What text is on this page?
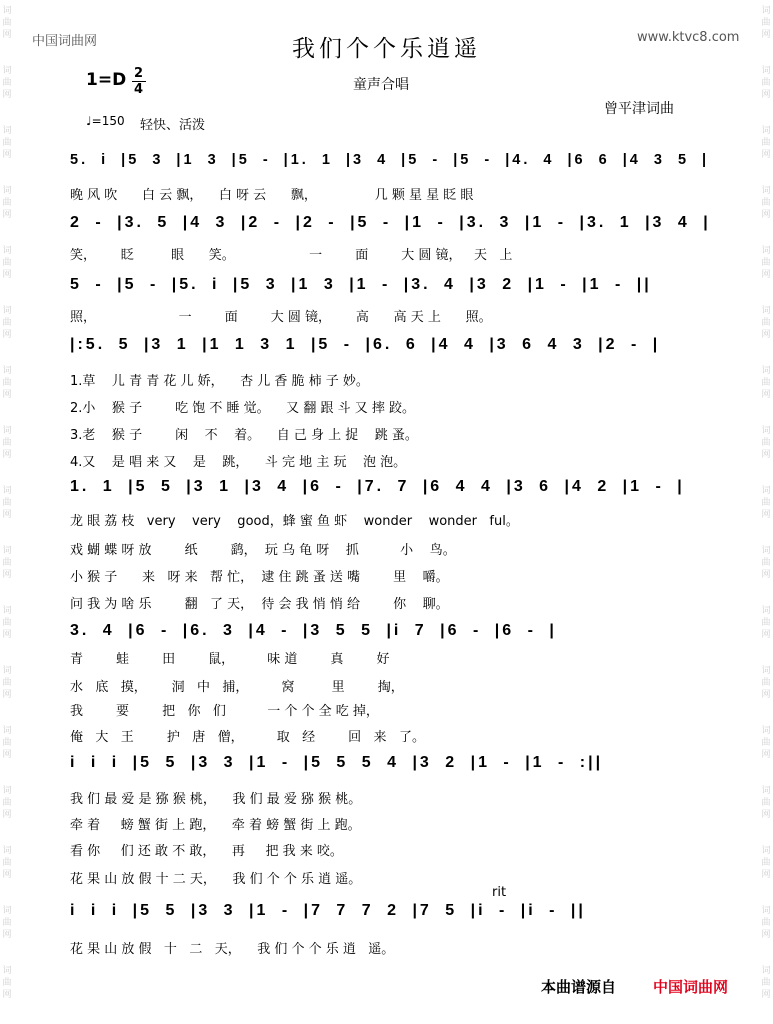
词
曲
网
词
曲
网
词
曲
网
词
曲
网
词
曲
网
词
曲
网
词
曲
网
词
曲
网
词
曲
网
词
曲
网
词
曲
网
词
曲
网
词
曲
网
词
曲
网
词
曲
网
词
曲
网
词
曲
网
词
曲
网
词
曲
网
词
曲
网
词
曲
网
词
曲
网
词
曲
网
词
曲
网
词
曲
网
词
曲
网
词
曲
网
词
曲
网
词
曲
网
词
曲
网
词
曲
网
词
曲
网
词
曲
网
词
曲
网
中国词曲网	www.ktvc8.com
我们个个乐逍遥
1=D 2
4	童声合唱
曾平津词曲
♩=150 轻快、活泼
5. i |5 3 |1 3 |5 - |1. 1 |3 4 |5 - |5 - |4. 4 |6 6 |4 3 5 |
晚 风 吹      白 云 飘，    白 呀 云      飘，              几 颗 星 星 眨 眼
2 - |3. 5 |4 3 |2 - |2 - |5 - |1 - |3. 3 |1 - |3. 1 |3 4 |
笑，      眨         眼      笑。                  一        面        大 圆 镜，   天   上
5 - |5 - |5. i |5 3 |1 3 |1 - |3. 4 |3 2 |1 - |1 - ||
照，                    一        面        大 圆 镜，      高      高 天 上      照。
|:5. 5 |3 1 |1 1 3 1 |5 - |6. 6 |4 4 |3 6 4 3 |2 - |
1.草    儿 青 青 花 儿 娇，    杏 儿 香 脆 柿 子 妙。
2.小    猴 子        吃 饱 不 睡 觉。    又 翻 跟 斗 又 摔 跤。
3.老    猴 子        闲    不    着。    自 己 身 上 捉    跳 蚤。
4.又    是 唱 来 又    是    跳，    斗 完 地 主 玩    泡 泡。
1. 1 |5 5 |3 1 |3 4 |6 - |7. 7 |6 4 4 |3 6 |4 2 |1 - |
龙 眼 荔 枝   very    very    good，蜂 蜜 鱼 虾    wonder    wonder   ful。
戏 蝴 蝶 呀 放        纸        鹞，  玩 乌 龟 呀    抓          小    鸟。
小 猴 子      来   呀 来   帮 忙，  逮 住 跳 蚤 送 嘴        里    嚼。
问 我 为 啥 乐        翻   了 天，  待 会 我 悄 悄 给        你    聊。
3. 4 |6 - |6. 3 |4 - |3 5 5 |i 7 |6 - |6 - |
青        蛙        田        鼠，        味 道        真        好
水   底   摸，      洞   中   捕，        窝         里        掏，
我        要        把   你   们          一 个 个 全 吃 掉，
俺   大   王        护   唐   僧，        取   经        回   来   了。
i i i |5 5 |3 3 |1 - |5 5 5 4 |3 2 |1 - |1 - :||
我 们 最 爱 是 猕 猴 桃，    我 们 最 爱 猕 猴 桃。
牵 着     螃 蟹 街 上 跑，    牵 着 螃 蟹 街 上 跑。
看 你     们 还 敢 不 敢，    再     把 我 来 咬。
花 果 山 放 假 十 二 天，    我 们 个 个 乐 逍 遥。
i i i |5 5 |3 3 |1 - |7 7 7 2 |7 5 |i - |i - ||
花 果 山 放 假   十   二   天，    我 们 个 个 乐 逍   遥。
rit
本曲谱源自 中国词曲网
